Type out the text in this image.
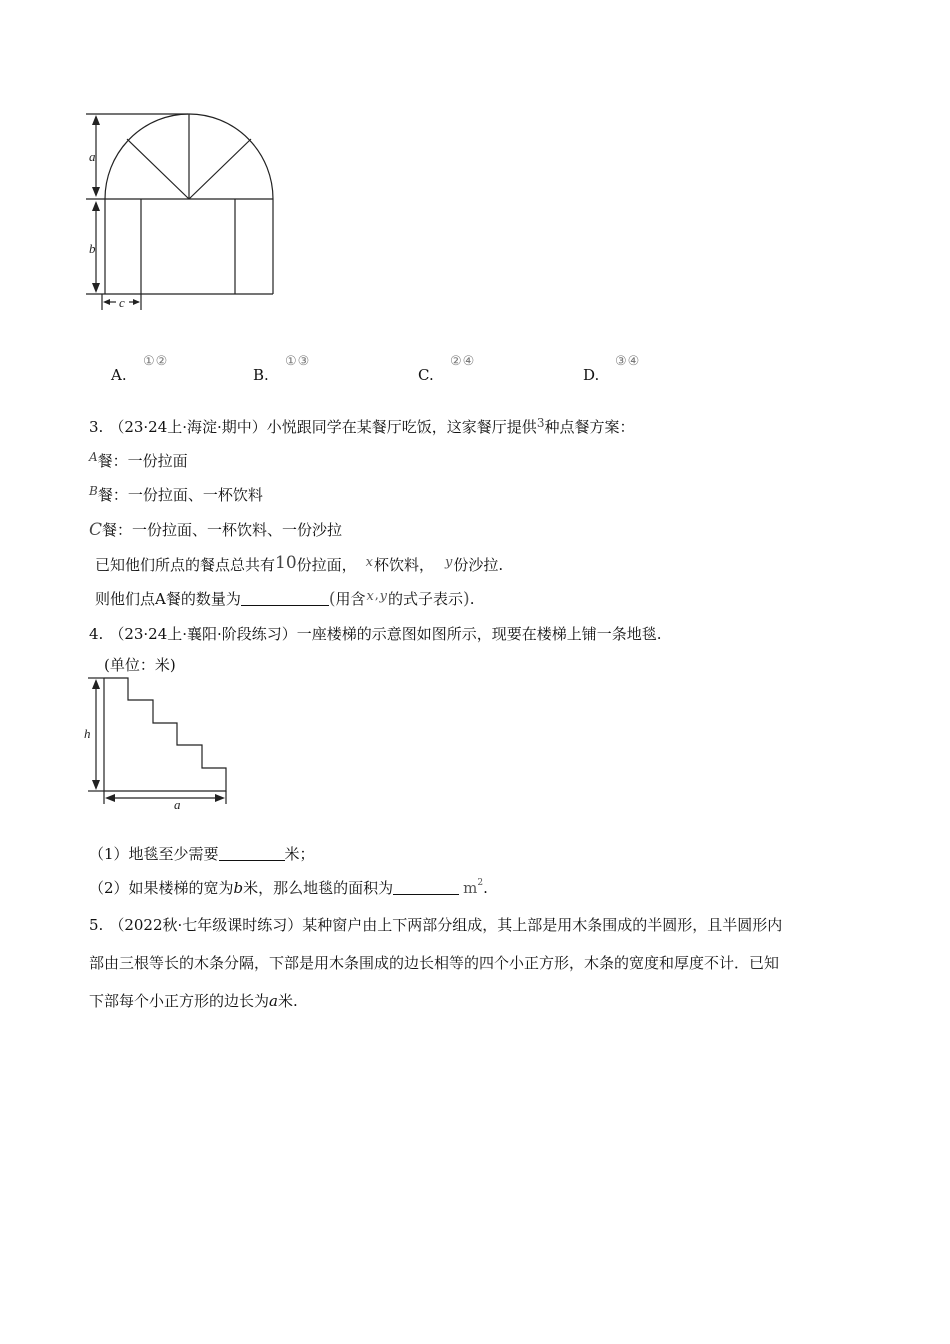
a
b
c
A.
①②
B.
①③
C.
②④
D.
③④
3. （23·24上·海淀·期中）小悦跟同学在某餐厅吃饭，这家餐厅提供$^3$种点餐方案：
$^A$餐：一份拉面
$^B$餐：一份拉面、一杯饮料
C餐：一份拉面、一杯饮料、一份沙拉
已知他们所点的餐点总共有10份拉面， x杯饮料， y份沙拉.
则他们点A餐的数量为	(用含x,y的式子表示).
4. （23·24上·襄阳·阶段练习）一座楼梯的示意图如图所示，现要在楼梯上铺一条地毯.
(单位：米)
h
a
（1）地毯至少需要	米；
（2）如果楼梯的宽为b米，那么地毯的面积为	$m^2$.
5. （2022秋·七年级课时练习）某种窗户由上下两部分组成，其上部是用木条围成的半圆形，且半圆形内
部由三根等长的木条分隔，下部是用木条围成的边长相等的四个小正方形，木条的宽度和厚度不计．已知
下部每个小正方形的边长为a米.
